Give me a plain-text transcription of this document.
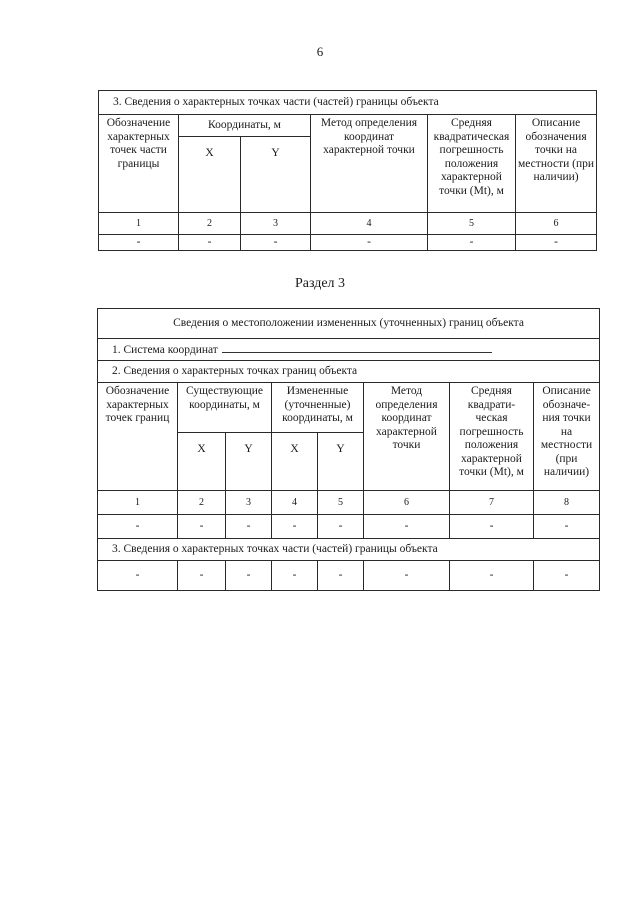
6
3. Сведения о характерных точках части (частей) границы объекта					
Обозначение характерных точек части границы	Координаты, м		Метод определения координат характерной точки	Средняя квадратическая погрешность положения характерной точки (Mt), м	Описание обозначения точки на местности (при наличии)
	X	Y			
1	2	3	4	5	6
-	-	-	-	-	-
Раздел 3
Сведения о местоположении измененных (уточненных) границ объекта							
1. Система координат							
2. Сведения о характерных точках границ объекта							
Обозначение характерных точек границ	Существующие координаты, м		Измененные (уточненные) координаты, м		Метод определения координат характерной точки	Средняя квадрати-ческая погрешность положения характерной точки (Mt), м	Описание обозначе-ния точки на местности (при наличии)
	X	Y	X	Y			
1	2	3	4	5	6	7	8
-	-	-	-	-	-	-	-
3. Сведения о характерных точках части (частей) границы объекта							
-	-	-	-	-	-	-	-
